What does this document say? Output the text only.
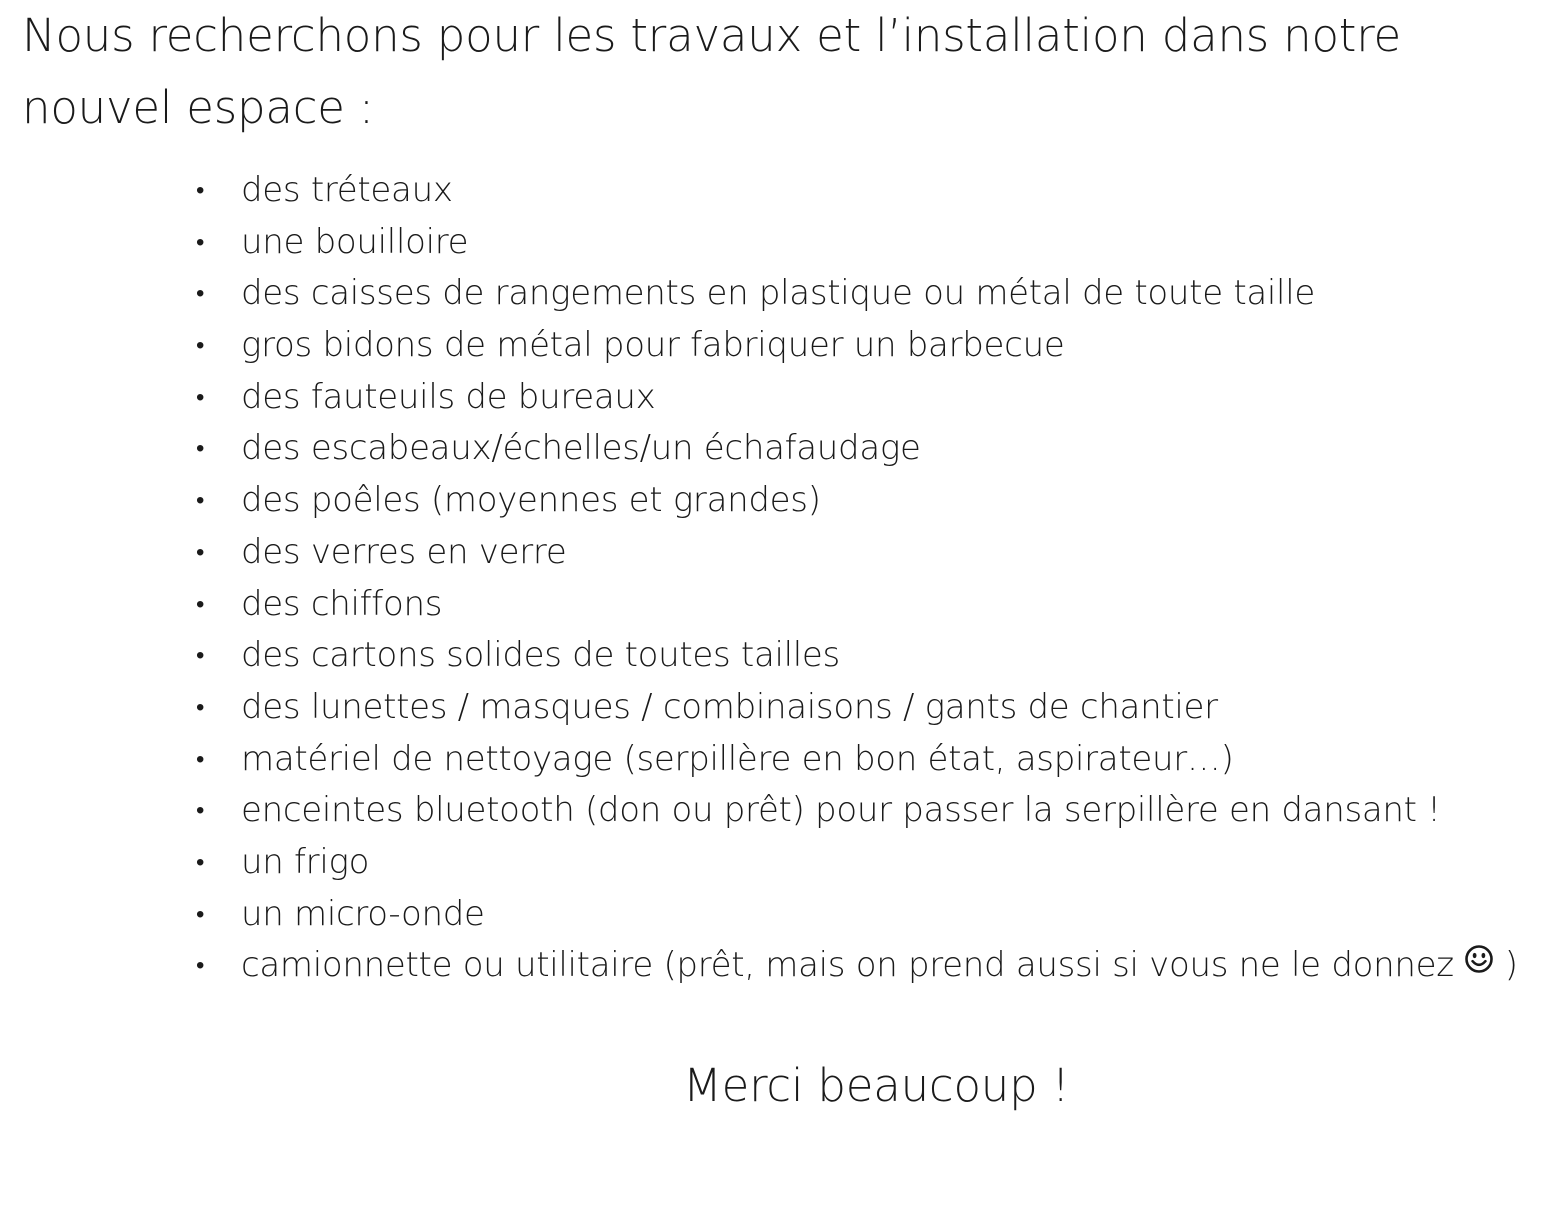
Nous recherchons pour les travaux et l’installation dans notre nouvel espace :

• des tréteaux
• une bouilloire
• des caisses de rangements en plastique ou métal de toute taille
• gros bidons de métal pour fabriquer un barbecue
• des fauteuils de bureaux
• des escabeaux/échelles/un échafaudage
• des poêles (moyennes et grandes)
• des verres en verre
• des chiffons
• des cartons solides de toutes tailles
• des lunettes / masques / combinaisons / gants de chantier
• matériel de nettoyage (serpillère en bon état, aspirateur…)
• enceintes bluetooth (don ou prêt) pour passer la serpillère en dansant !
• un frigo
• un micro-onde
• camionnette ou utilitaire (prêt, mais on prend aussi si vous ne le donnez )

Merci beaucoup !
